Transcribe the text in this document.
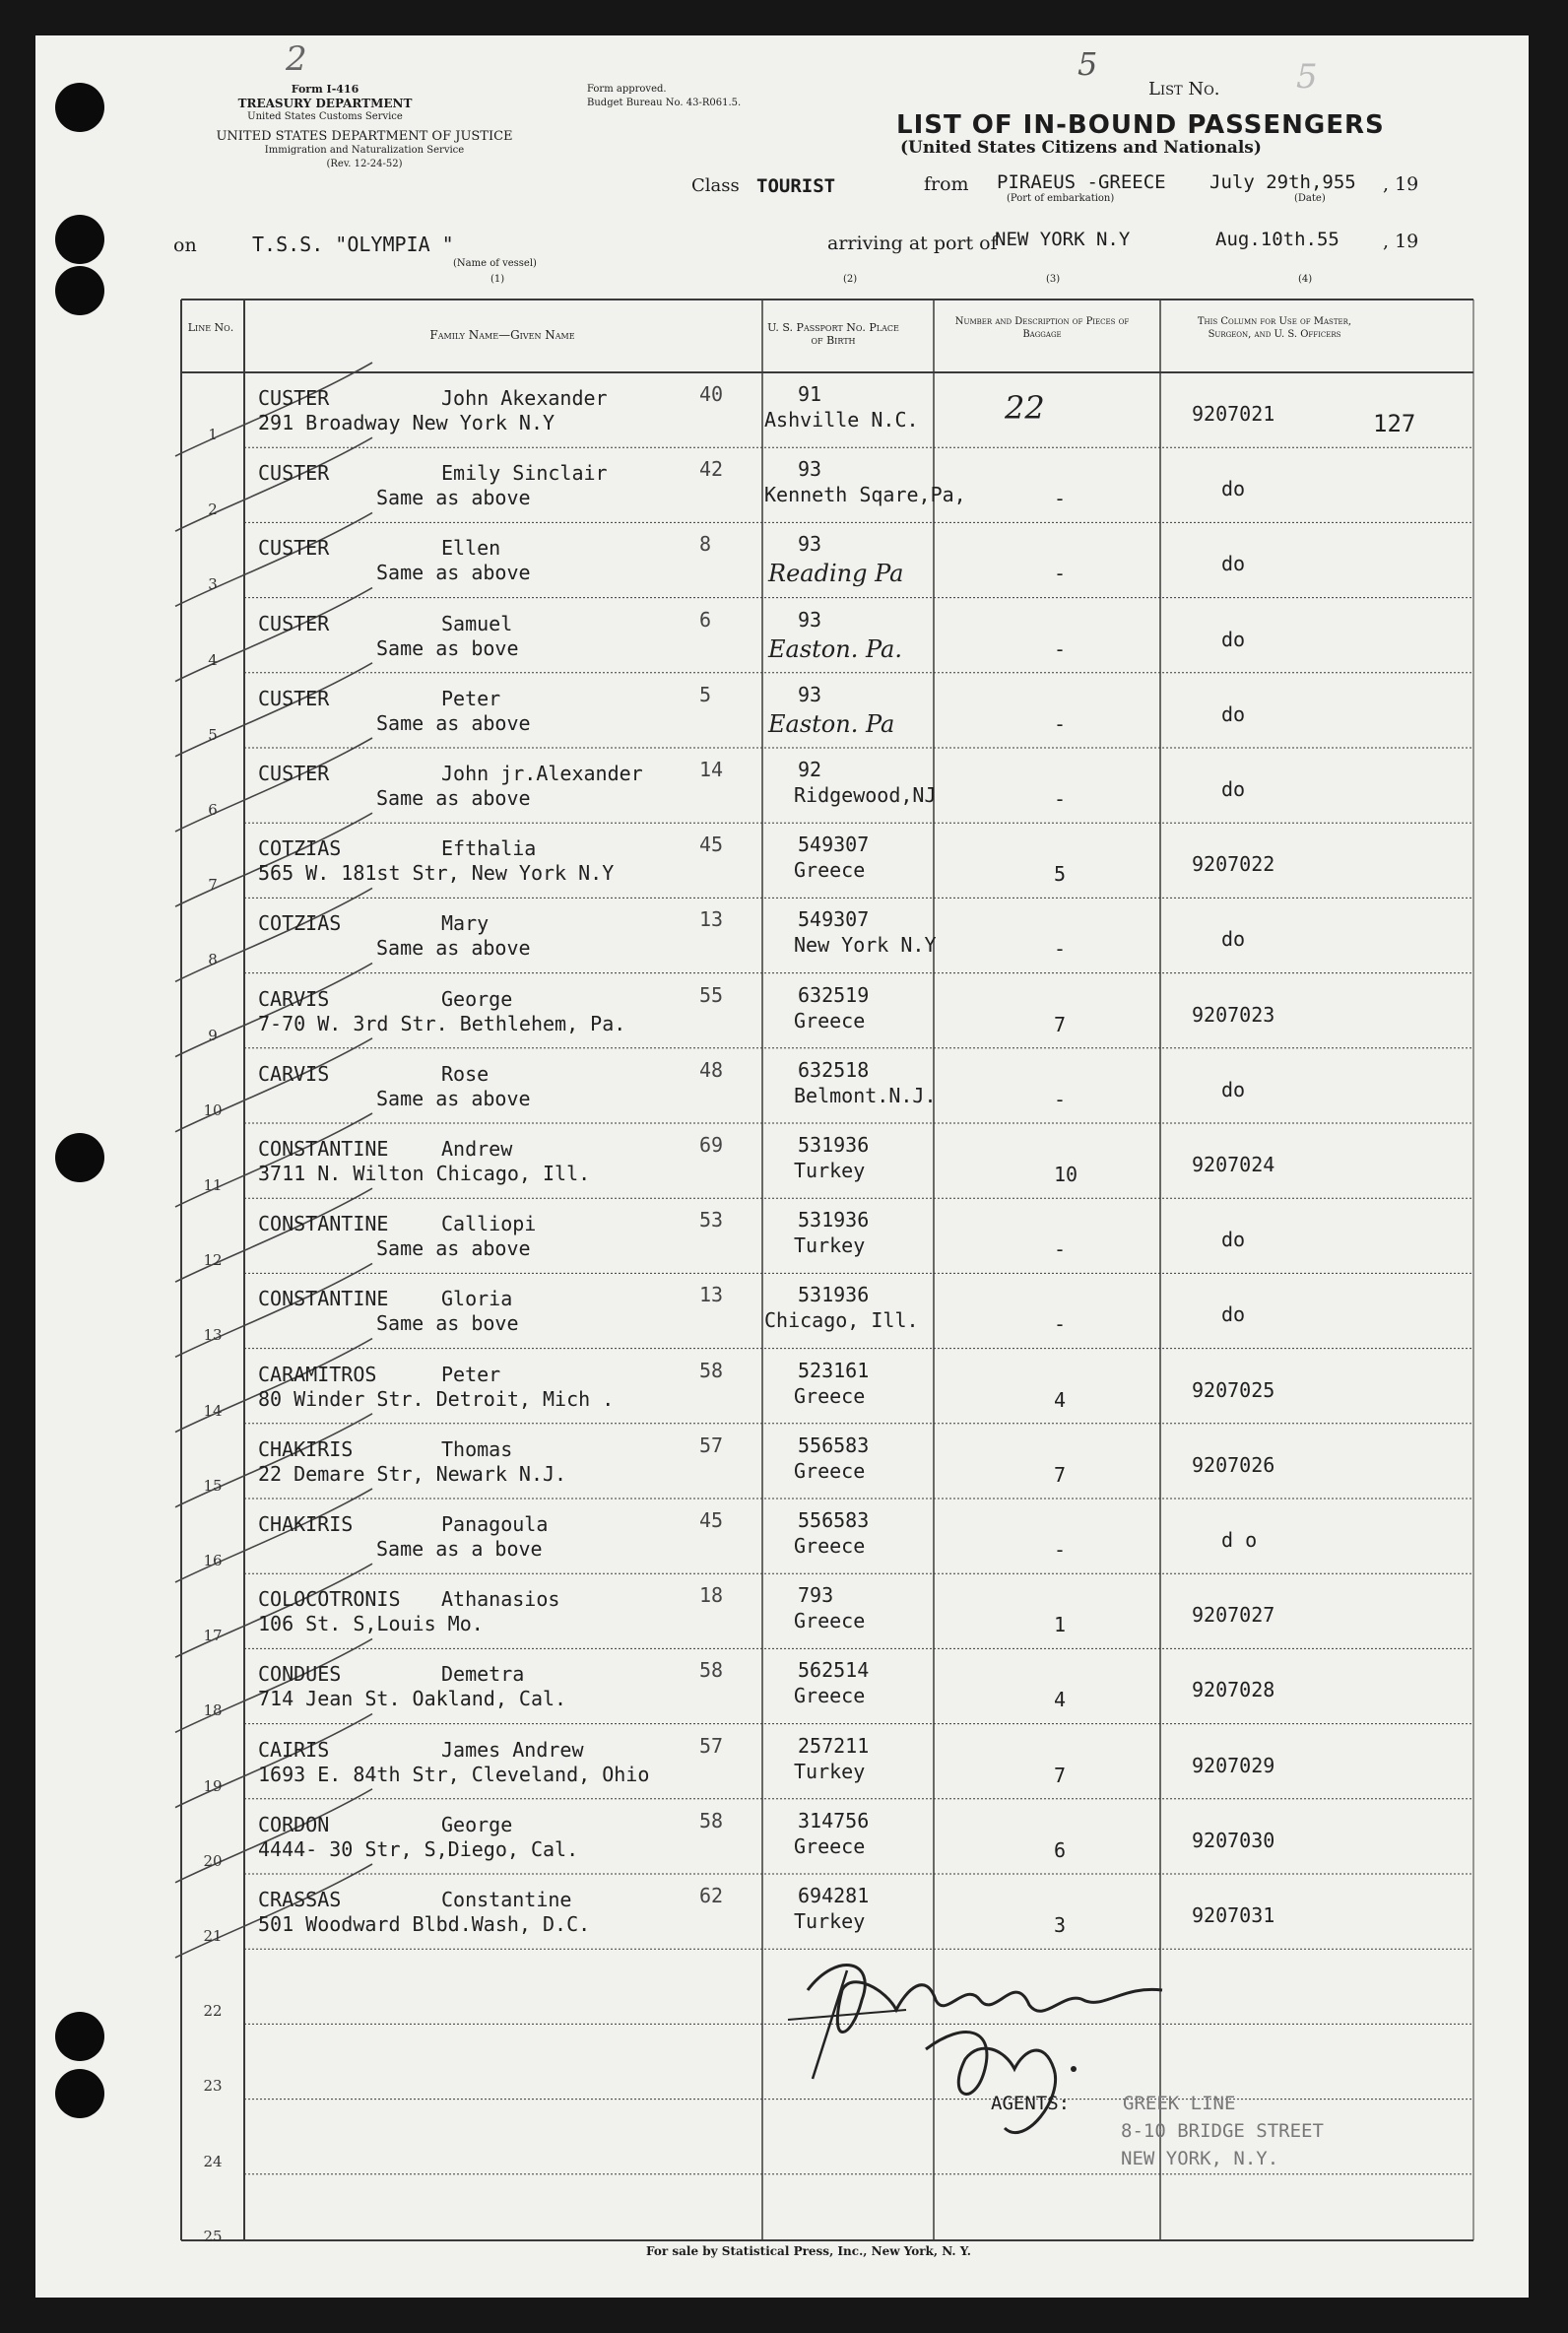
2
Form I-416
TREASURY DEPARTMENT
United States Customs Service
UNITED STATES DEPARTMENT OF JUSTICE
Immigration and Naturalization Service
(Rev. 12-24-52)
Form approved.
Budget Bureau No. 43-R061.5.
5
List No. 5
LIST OF IN-BOUND PASSENGERS
(United States Citizens and Nationals)
Class TOURIST	from PIRAEUS -GREECE July 29th,955 , 19
(Port of embarkation)	(Date)
on	T.S.S. "OLYMPIA "
(Name of vessel)
arriving at port of
NEW YORK N.Y	Aug.10th.55 , 19
(1)	(2)	(3)	(4)
Line No.
Family Name—Given Name
U. S. Passport No. Place of Birth
Number and Description of Pieces of Baggage
This Column for Use of Master, Surgeon, and U. S. Officers
1
CUSTER	John Akexander
291 Broadway New York N.Y
40	91
Ashville N.C.	22	9207021	127
2
CUSTER	Emily Sinclair
Same as above
42	93
Kenneth Sqare,Pa,	-	do
3
CUSTER	Ellen
Same as above
8	93
Reading Pa	-	do
4
CUSTER	Samuel
Same as bove
6	93
Easton. Pa.	-	do
5
CUSTER	Peter
Same as above
5	93
Easton. Pa	-	do
6
CUSTER	John jr.Alexander
Same as above
14	92
Ridgewood,NJ	-	do
7
COTZIAS	Efthalia
565 W. 181st Str, New York N.Y
45	549307
Greece	5	9207022
8
COTZIAS	Mary
Same as above
13	549307
New York N.Y	-	do
9
CARVIS	George
7-70 W. 3rd Str. Bethlehem, Pa.
55	632519
Greece	7	9207023
10
CARVIS	Rose
Same as above
48	632518
Belmont.N.J.	-	do
11
CONSTANTINE	Andrew
3711 N. Wilton Chicago, Ill.
69	531936
Turkey	10	9207024
12
CONSTANTINE	Calliopi
Same as above
53	531936
Turkey	-	do
13
CONSTANTINE	Gloria
Same as bove
13	531936
Chicago, Ill.	-	do
14
CARAMITROS	Peter
80 Winder Str. Detroit, Mich .
58	523161
Greece	4	9207025
15
CHAKIRIS	Thomas
22 Demare Str, Newark N.J.
57	556583
Greece	7	9207026
16
CHAKIRIS	Panagoula
Same as a bove
45	556583
Greece	-	d o
17
COLOCOTRONIS Athanasios
106 St. S,Louis Mo.
18	793
Greece	1	9207027
18
CONDUES	Demetra
714 Jean St. Oakland, Cal.
58	562514
Greece	4	9207028
19
CAIRIS	James Andrew
1693 E. 84th Str, Cleveland, Ohio
57	257211
Turkey	7	9207029
20
CORDON	George
4444- 30 Str, S,Diego, Cal.
58	314756
Greece	6	9207030
21
CRASSAS	Constantine
501 Woodward Blbd.Wash, D.C.
62	694281
Turkey	3	9207031
22
23
24
25
AGENTS:	GREEK LINE
8-10 BRIDGE STREET
NEW YORK, N.Y.
For sale by Statistical Press, Inc., New York, N. Y.
